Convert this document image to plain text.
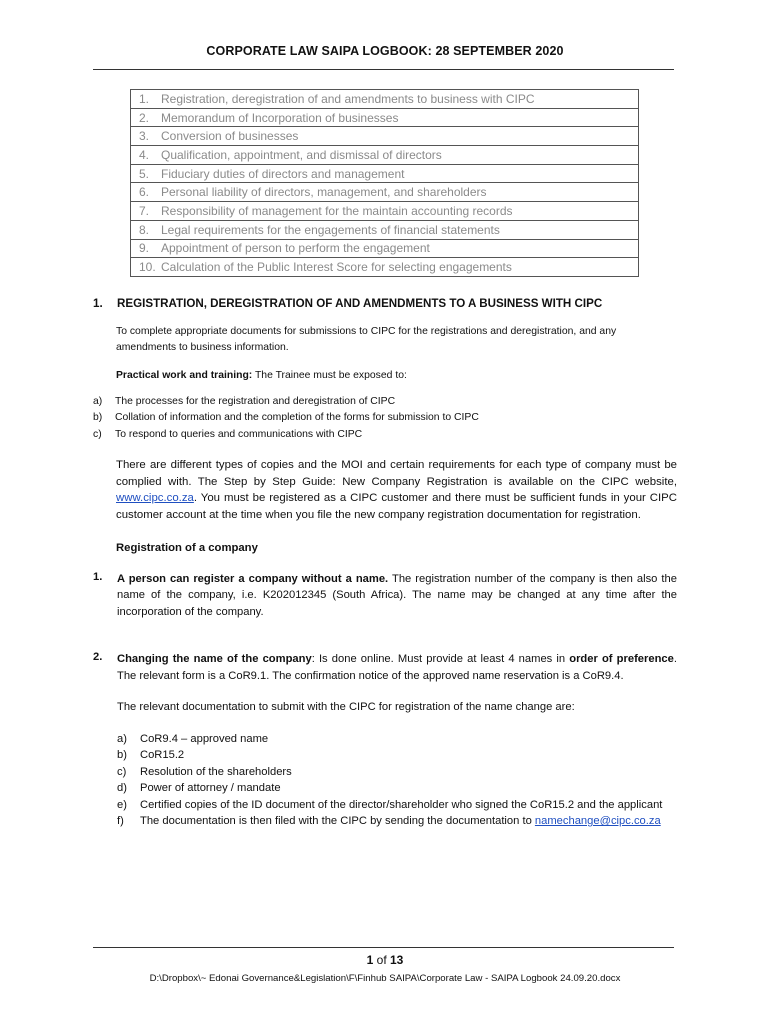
CORPORATE LAW SAIPA LOGBOOK: 28 SEPTEMBER 2020
1. Registration, deregistration of and amendments to business with CIPC
2. Memorandum of Incorporation of businesses
3. Conversion of businesses
4. Qualification, appointment, and dismissal of directors
5. Fiduciary duties of directors and management
6. Personal liability of directors, management, and shareholders
7. Responsibility of management for the maintain accounting records
8. Legal requirements for the engagements of financial statements
9. Appointment of person to perform the engagement
10. Calculation of the Public Interest Score for selecting engagements
1. REGISTRATION, DEREGISTRATION OF AND AMENDMENTS TO A BUSINESS WITH CIPC

To complete appropriate documents for submissions to CIPC for the registrations and deregistration, and any amendments to business information.

Practical work and training: The Trainee must be exposed to:

a) The processes for the registration and deregistration of CIPC
b) Collation of information and the completion of the forms for submission to CIPC
c) To respond to queries and communications with CIPC

There are different types of copies and the MOI and certain requirements for each type of company must be complied with. The Step by Step Guide: New Company Registration is available on the CIPC website, www.cipc.co.za. You must be registered as a CIPC customer and there must be sufficient funds in your CIPC customer account at the time when you file the new company registration documentation for registration.

Registration of a company

1.	A person can register a company without a name. The registration number of the company is then also the name of the company, i.e. K202012345 (South Africa). The name may be changed at any time after the incorporation of the company.

2.	Changing the name of the company: Is done online. Must provide at least 4 names in order of preference. The relevant form is a CoR9.1. The confirmation notice of the approved name reservation is a CoR9.4.

The relevant documentation to submit with the CIPC for registration of the name change are:

a)	CoR9.4 – approved name
b)	CoR15.2
c)	Resolution of the shareholders
d)	Power of attorney / mandate
e)	Certified copies of the ID document of the director/shareholder who signed the CoR15.2 and the applicant
f)	The documentation is then filed with the CIPC by sending the documentation to namechange@cipc.co.za
1 of 13
D:\Dropbox\~ Edonai Governance&Legislation\F\Finhub SAIPA\Corporate Law - SAIPA Logbook 24.09.20.docx
